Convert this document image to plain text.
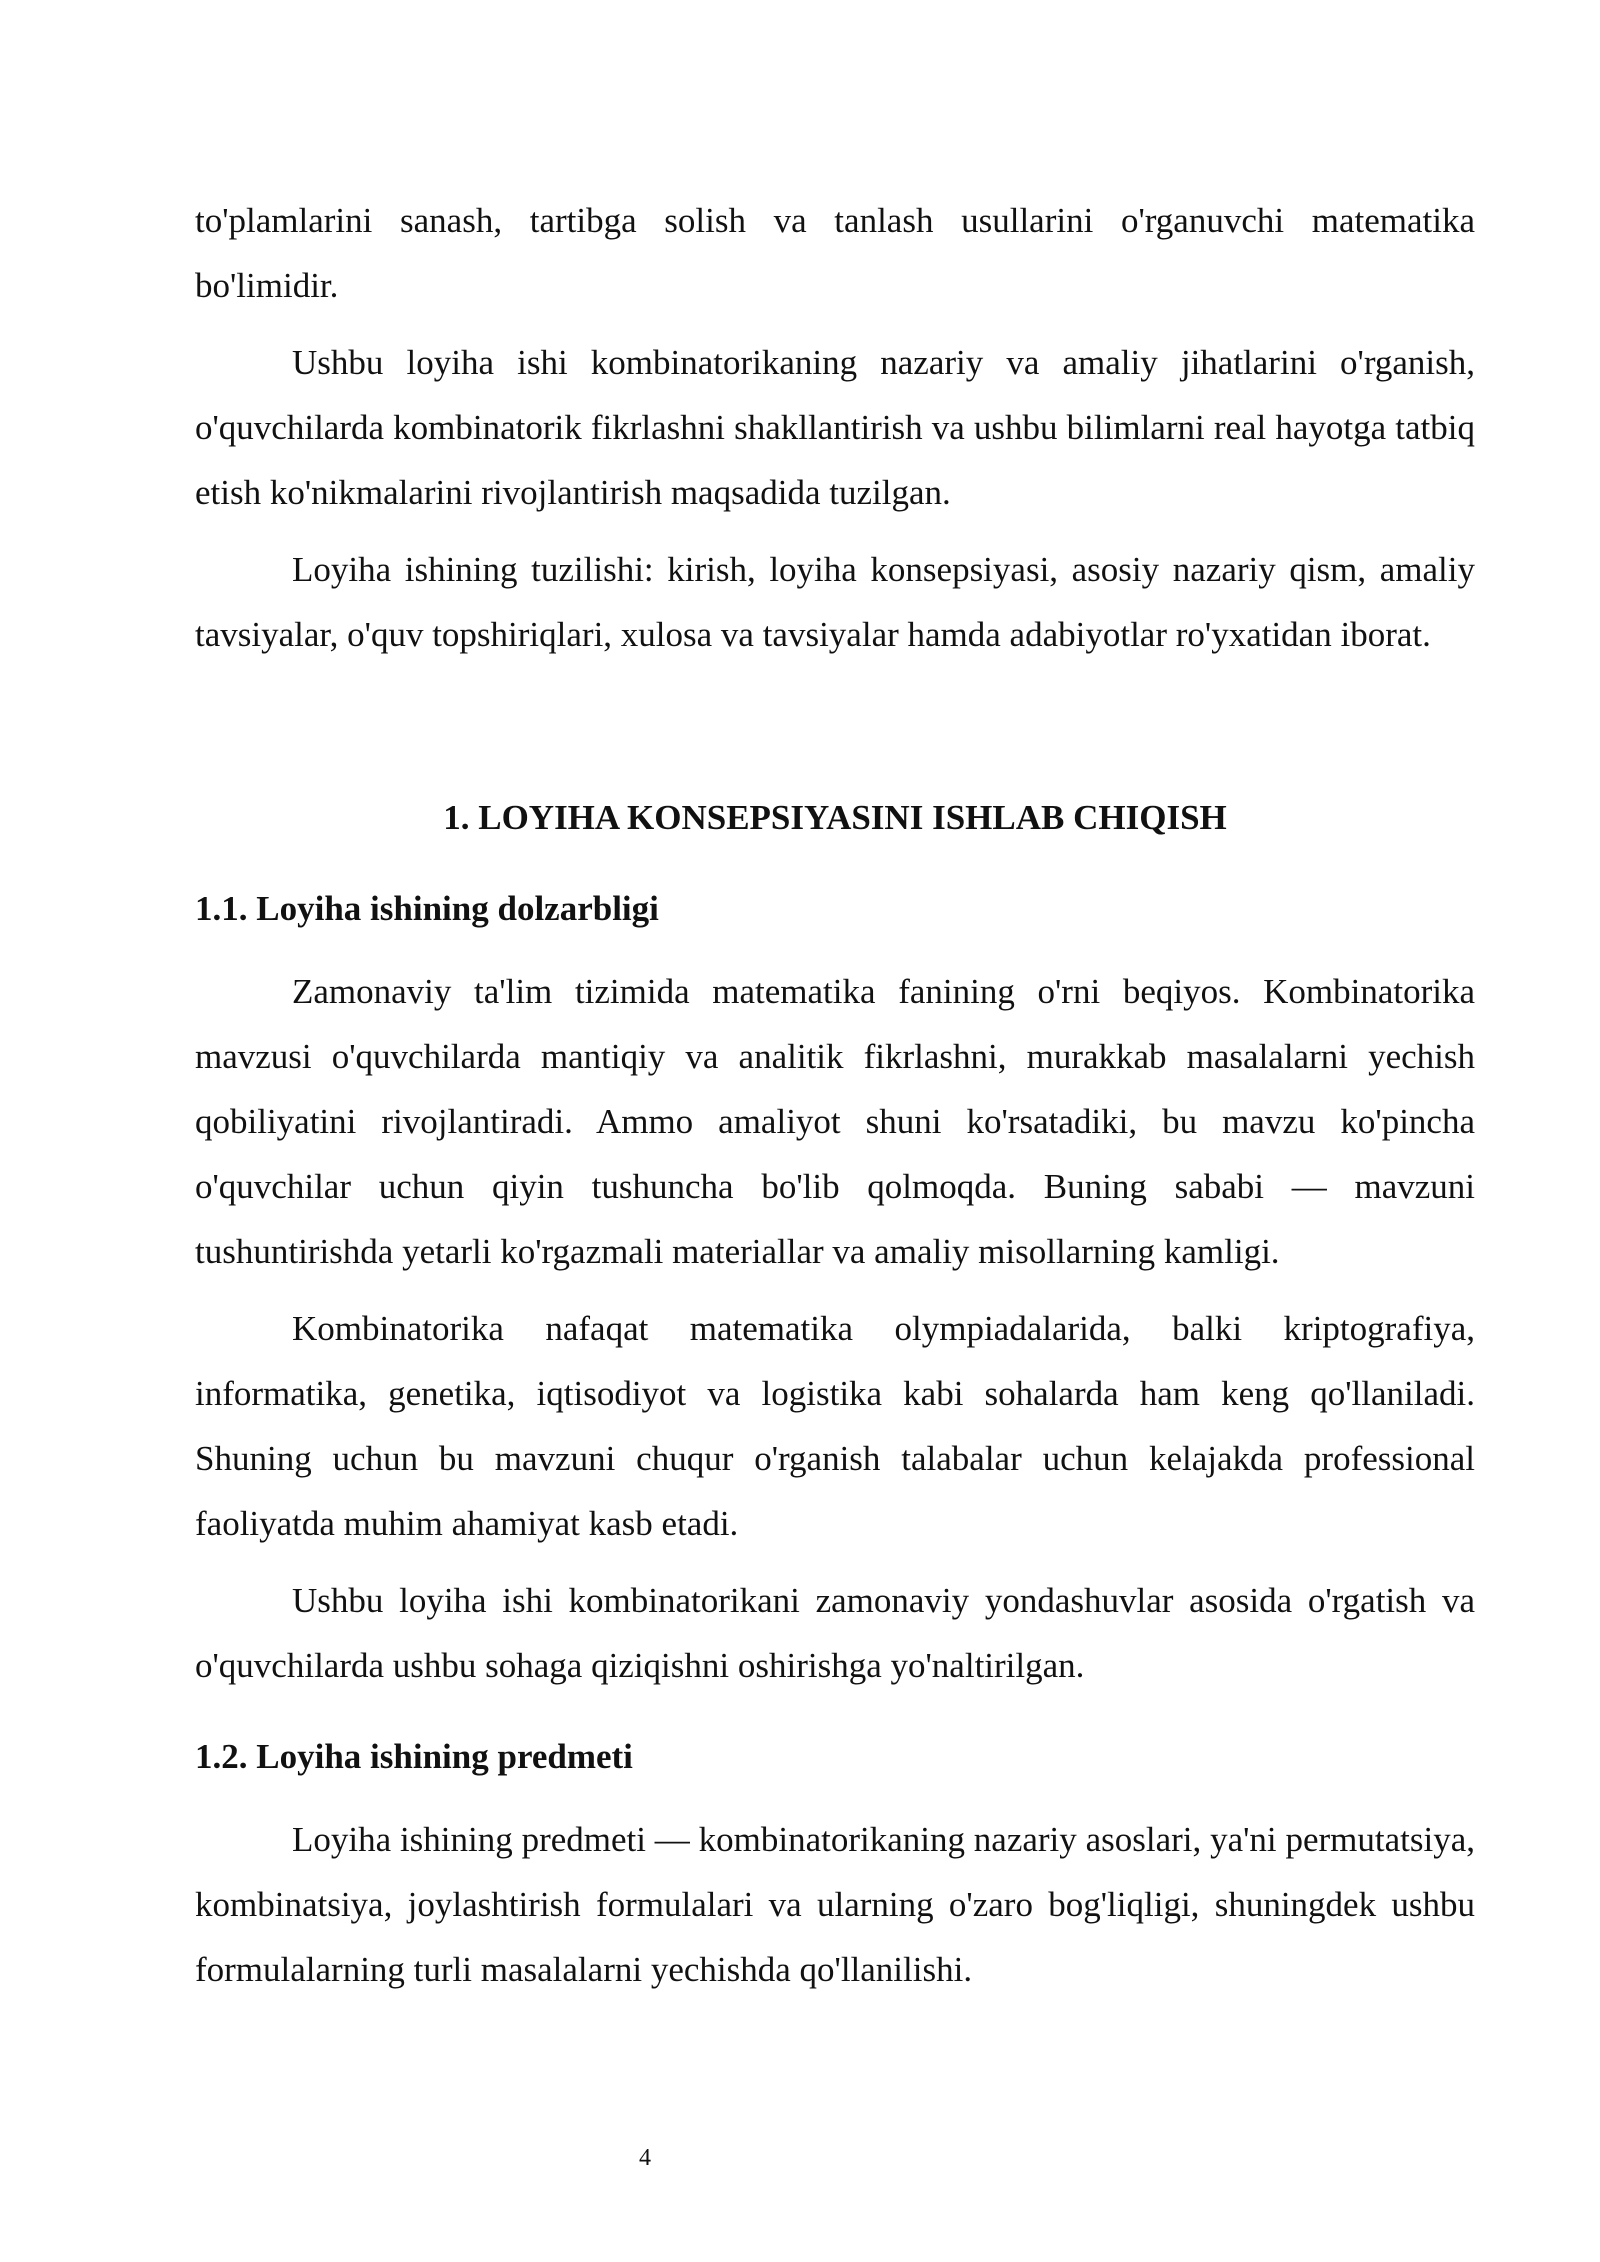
to'plamlarini sanash, tartibga solish va tanlash usullarini o'rganuvchi matematika bo'limidir.

Ushbu loyiha ishi kombinatorikaning nazariy va amaliy jihatlarini o'rganish, o'quvchilarda kombinatorik fikrlashni shakllantirish va ushbu bilimlarni real hayotga tatbiq etish ko'nikmalarini rivojlantirish maqsadida tuzilgan.

Loyiha ishining tuzilishi: kirish, loyiha konsepsiyasi, asosiy nazariy qism, amaliy tavsiyalar, o'quv topshiriqlari, xulosa va tavsiyalar hamda adabiyotlar ro'yxatidan iborat.

1. LOYIHA KONSEPSIYASINI ISHLAB CHIQISH
1.1. Loyiha ishining dolzarbligi

Zamonaviy ta'lim tizimida matematika fanining o'rni beqiyos. Kombinatorika mavzusi o'quvchilarda mantiqiy va analitik fikrlashni, murakkab masalalarni yechish qobiliyatini rivojlantiradi. Ammo amaliyot shuni ko'rsatadiki, bu mavzu ko'pincha o'quvchilar uchun qiyin tushuncha bo'lib qolmoqda. Buning sababi — mavzuni tushuntirishda yetarli ko'rgazmali materiallar va amaliy misollarning kamligi.

Kombinatorika nafaqat matematika olympiadalarida, balki kriptografiya, informatika, genetika, iqtisodiyot va logistika kabi sohalarda ham keng qo'llaniladi. Shuning uchun bu mavzuni chuqur o'rganish talabalar uchun kelajakda professional faoliyatda muhim ahamiyat kasb etadi.

Ushbu loyiha ishi kombinatorikani zamonaviy yondashuvlar asosida o'rgatish va o'quvchilarda ushbu sohaga qiziqishni oshirishga yo'naltirilgan.

1.2. Loyiha ishining predmeti

Loyiha ishining predmeti — kombinatorikaning nazariy asoslari, ya'ni permutatsiya, kombinatsiya, joylashtirish formulalari va ularning o'zaro bog'liqligi, shuningdek ushbu formulalarning turli masalalarni yechishda qo'llanilishi.

4
